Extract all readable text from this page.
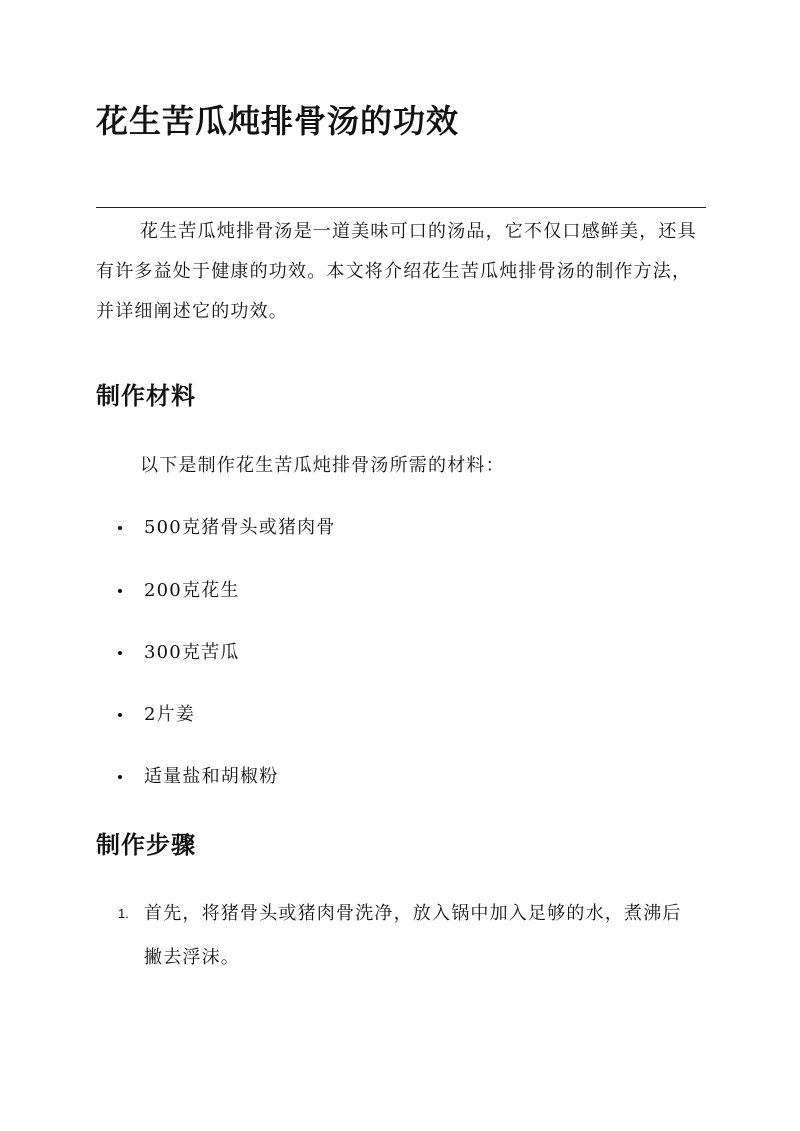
花生苦瓜炖排骨汤的功效

花生苦瓜炖排骨汤是一道美味可口的汤品，它不仅口感鲜美，还具有许多益处于健康的功效。本文将介绍花生苦瓜炖排骨汤的制作方法，并详细阐述它的功效。

制作材料

以下是制作花生苦瓜炖排骨汤所需的材料：

500克猪骨头或猪肉骨
200克花生
300克苦瓜
2片姜
适量盐和胡椒粉
制作步骤
1. 首先，将猪骨头或猪肉骨洗净，放入锅中加入足够的水，煮沸后撇去浮沫。
